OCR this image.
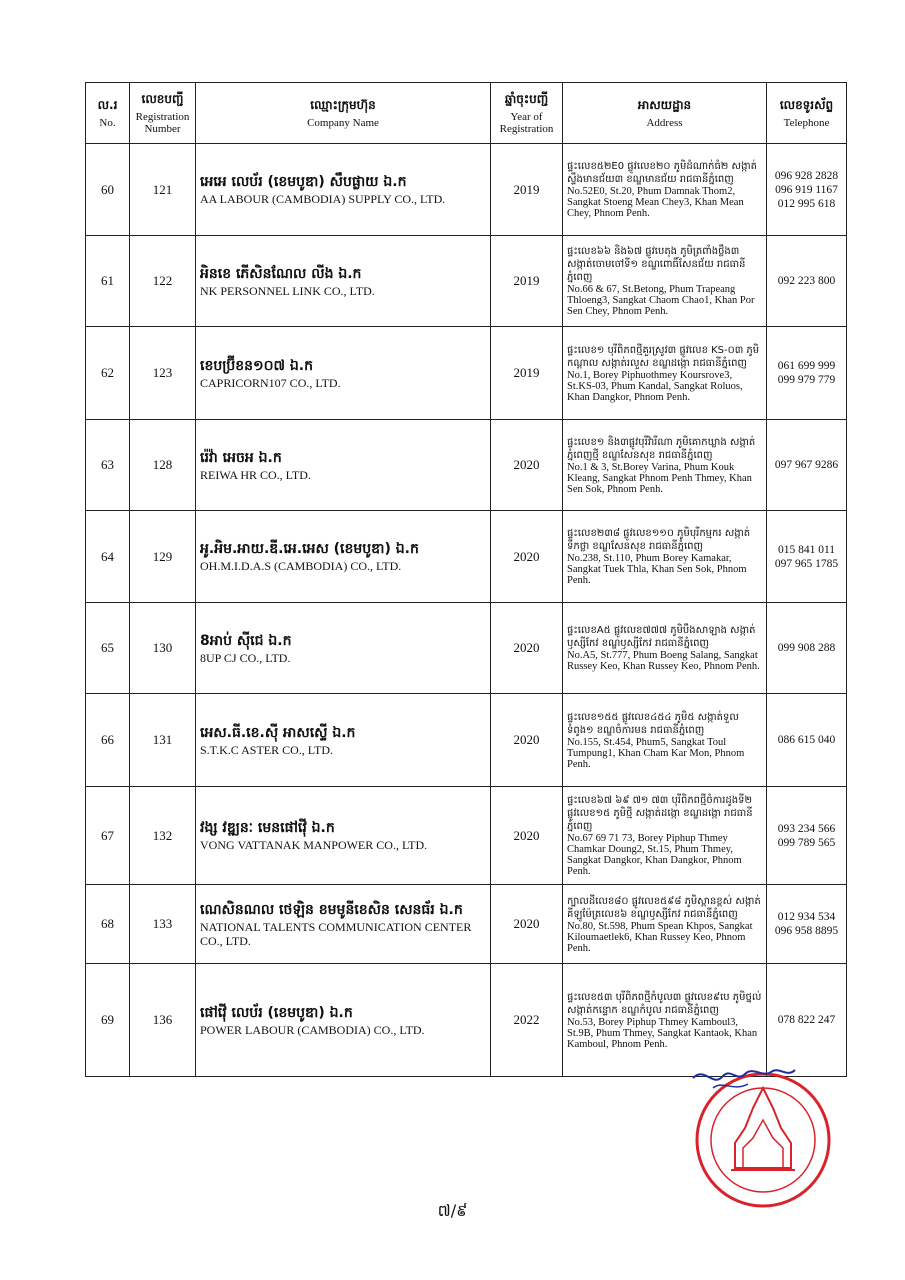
ល.រ
No.	លេខបញ្ជី
Registration
Number	ឈ្មោះក្រុមហ៊ុន
Company Name	ឆ្នាំចុះបញ្ជី
Year of
Registration	អាសយដ្ឋាន
Address	លេខទូរស័ព្ទ
Telephone

60	121	អេអេ លេប័រ (ខេមបូឌា) សឹបផ្លាយ ឯ.ក
AA LABOUR (CAMBODIA) SUPPLY CO., LTD.	2019	ផ្ទះលេខ៥២E0 ផ្លូវលេខ២០ ភូមិដំណាក់ធំ២ សង្កាត់ស្ទឹងមានជ័យ៣ ខណ្ឌមានជ័យ រាជធានីភ្នំពេញ
No.52E0, St.20, Phum Damnak Thom2, Sangkat Stoeng Mean Chey3, Khan Mean Chey, Phnom Penh.	096 928 2828
096 919 1167
012 995 618

61	122	អិនខេ ភើសិនណែល លីង ឯ.ក
NK PERSONNEL LINK CO., LTD.	2019	ផ្ទះលេខ៦៦ និង៦៧ ផ្លូវបេតុង ភូមិត្រពាំងថ្លឹង៣ សង្កាត់ចោមចៅទី១ ខណ្ឌពោធិ៍សែនជ័យ រាជធានីភ្នំពេញ
No.66 & 67, St.Betong, Phum Trapeang Thloeng3, Sangkat Chaom Chao1, Khan Por Sen Chey, Phnom Penh.	092 223 800

62	123	ខេបប្រ៊ីខន១០៧ ឯ.ក
CAPRICORN107 CO., LTD.	2019	ផ្ទះលេខ១ បុរីពិភពថ្មីគួរស្រូវ៣ ផ្លូវលេខ KS-០៣ ភូមិកណ្តាល សង្កាត់រលួស ខណ្ឌដង្កោ រាជធានីភ្នំពេញ
No.1, Borey Piphuothmey Koursrove3, St.KS-03, Phum Kandal, Sangkat Roluos, Khan Dangkor, Phnom Penh.	061 699 999
099 979 779

63	128	រ៉េវ៉ា អេចអ ឯ.ក
REIWA HR CO., LTD.	2020	ផ្ទះលេខ១ និង៣ផ្លូវបុរីវ៉ារីណា ភូមិគោកឃ្លាង សង្កាត់ភ្នំពេញថ្មី ខណ្ឌសែនសុខ រាជធានីភ្នំពេញ
No.1 & 3, St.Borey Varina, Phum Kouk Kleang, Sangkat Phnom Penh Thmey, Khan Sen Sok, Phnom Penh.	097 967 9286

64	129	អូ.អិម.អាយ.ឌី.អេ.អេស (ខេមបូឌា) ឯ.ក
OH.M.I.D.A.S (CAMBODIA) CO., LTD.	2020	ផ្ទះលេខ២៣៨ ផ្លូវលេខ១១០ ភូមិបុរីកម្មករ សង្កាត់ទឹកថ្លា ខណ្ឌសែនសុខ រាជធានីភ្នំពេញ
No.238, St.110, Phum Borey Kamakar, Sangkat Tuek Thla, Khan Sen Sok, Phnom Penh.	015 841 011
097 965 1785

65	130	8អាប់ ស៊ីជេ ឯ.ក
8UP CJ CO., LTD.	2020	ផ្ទះលេខA៥ ផ្លូវលេខ៧៧៧ ភូមិបឹងសាឡាង សង្កាត់ឫស្សីកែវ ខណ្ឌឫស្សីកែវ រាជធានីភ្នំពេញ
No.A5, St.777, Phum Boeng Salang, Sangkat Russey Keo, Khan Russey Keo, Phnom Penh.	099 908 288

66	131	អេស.ធី.ខេ.ស៊ី អាសស្ទើ ឯ.ក
S.T.K.C ASTER CO., LTD.	2020	ផ្ទះលេខ១៥៥ ផ្លូវលេខ៤៥៤ ភូមិ៥ សង្កាត់ទួលទំពូង១ ខណ្ឌចំការមន រាជធានីភ្នំពេញ
No.155, St.454, Phum5, Sangkat Toul Tumpung1, Khan Cham Kar Mon, Phnom Penh.	086 615 040

67	132	វង្ស វឌ្ឍនៈ មេនផៅវ៉ើ ឯ.ក
VONG VATTANAK MANPOWER CO., LTD.	2020	ផ្ទះលេខ៦៧ ៦៩ ៧១ ៧៣ បុរីពិភពថ្មីចំការដូងទី២ ផ្លូវលេខ១៥ ភូមិថ្មី សង្កាត់ដង្កោ ខណ្ឌដង្កោ រាជធានីភ្នំពេញ
No.67 69 71 73, Borey Piphup Thmey Chamkar Doung2, St.15, Phum Thmey, Sangkat Dangkor, Khan Dangkor, Phnom Penh.	093 234 566
099 789 565

68	133	ណេសិនណល ថេឡិន ខមមូនីខេសិន សេនធ័រ ឯ.ក
NATIONAL TALENTS COMMUNICATION CENTER CO., LTD.	2020	ក្បាលដីលេខ៨០ ផ្លូវលេខ៥៩៨ ភូមិស្ពានខ្ពស់ សង្កាត់គីឡូម៉ែត្រលេខ៦ ខណ្ឌឫស្សីកែវ រាជធានីភ្នំពេញ
No.80, St.598, Phum Spean Khpos, Sangkat Kiloumaetlek6, Khan Russey Keo, Phnom Penh.	012 934 534
096 958 8895

69	136	ផៅវ៉ើ លេប័រ (ខេមបូឌា) ឯ.ក
POWER LABOUR (CAMBODIA) CO., LTD.	2022	ផ្ទះលេខ៥៣ បុរីពិភពថ្មីកំបូល៣ ផ្លូវលេខ៩បេ ភូមិថ្នល់ សង្កាត់កន្ទោក ខណ្ឌកំបូល រាជធានីភ្នំពេញ
No.53, Borey Piphup Thmey Kamboul3, St.9B, Phum Thmey, Sangkat Kantaok, Khan Kamboul, Phnom Penh.	078 822 247
៧/៩
